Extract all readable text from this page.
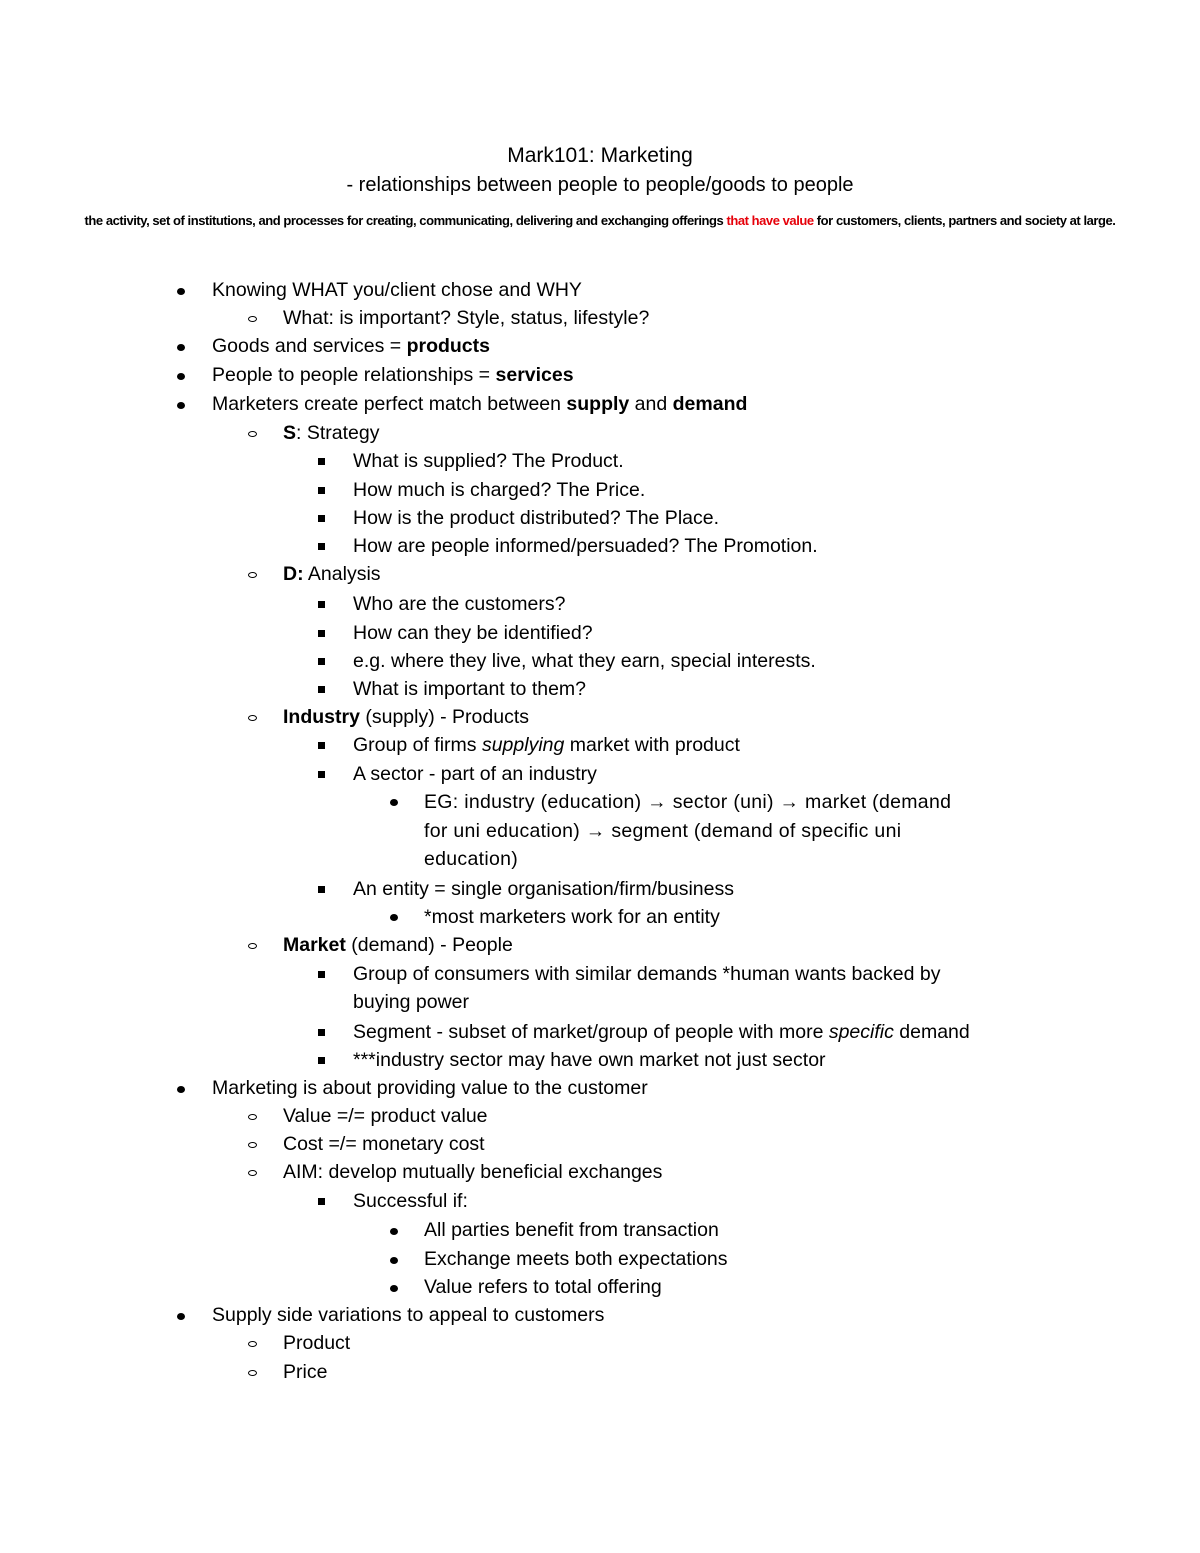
Mark101: Marketing
- relationships between people to people/goods to people
the activity, set of institutions, and processes for creating, communicating, delivering and exchanging offerings that have value for customers, clients, partners and society at large.
Knowing WHAT you/client chose and WHY
What: is important? Style, status, lifestyle?
Goods and services = products
People to people relationships = services
Marketers create perfect match between supply and demand
S: Strategy
What is supplied? The Product.
How much is charged? The Price.
How is the product distributed? The Place.
How are people informed/persuaded? The Promotion.
D: Analysis
Who are the customers?
How can they be identified?
e.g. where they live, what they earn, special interests.
What is important to them?
Industry (supply) - Products
Group of firms supplying market with product
A sector - part of an industry
EG: industry (education) → sector (uni) → market (demand
for uni education) → segment (demand of specific uni
education)
An entity = single organisation/firm/business
*most marketers work for an entity
Market (demand) - People
Group of consumers with similar demands *human wants backed by
buying power
Segment - subset of market/group of people with more specific demand
***industry sector may have own market not just sector
Marketing is about providing value to the customer
Value =/= product value
Cost =/= monetary cost
AIM: develop mutually beneficial exchanges
Successful if:
All parties benefit from transaction
Exchange meets both expectations
Value refers to total offering
Supply side variations to appeal to customers
Product
Price
